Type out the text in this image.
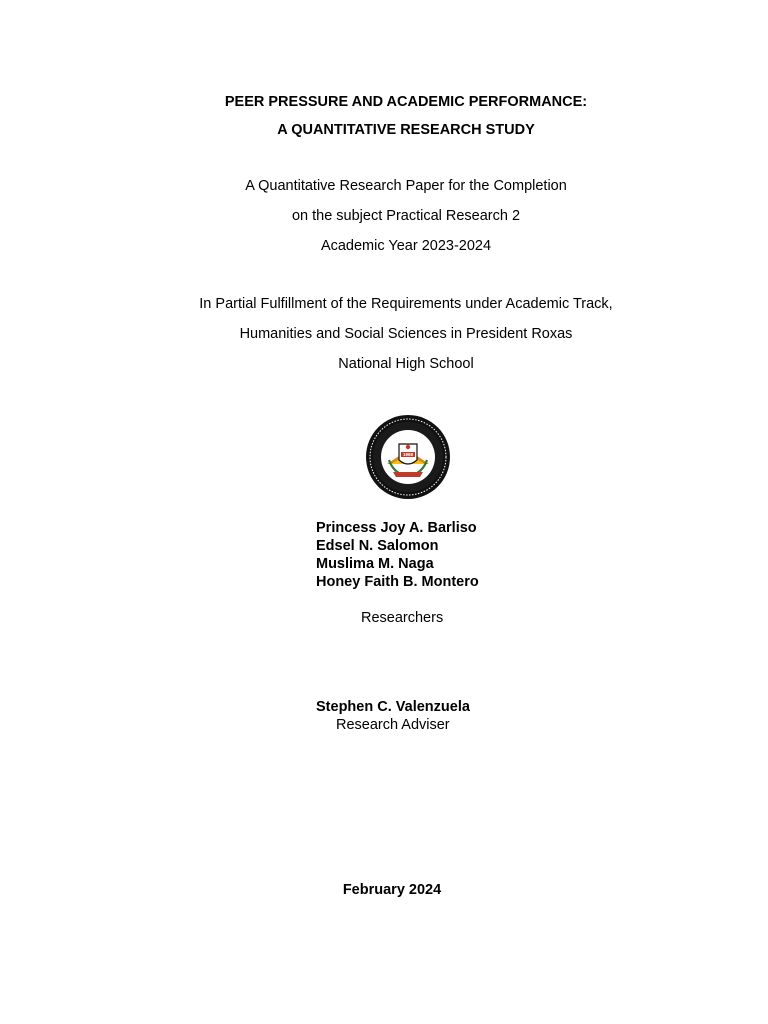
PEER PRESSURE AND ACADEMIC PERFORMANCE:
A QUANTITATIVE RESEARCH STUDY
A Quantitative Research Paper for the Completion
on the subject Practical Research 2
Academic Year 2023-2024
In Partial Fulfillment of the Requirements under Academic Track,
Humanities and Social Sciences in President Roxas
National High School
1968
Princess Joy A. Barliso
Edsel N. Salomon
Muslima M. Naga
Honey Faith B. Montero
Researchers
Stephen C. Valenzuela
Research Adviser
February 2024
